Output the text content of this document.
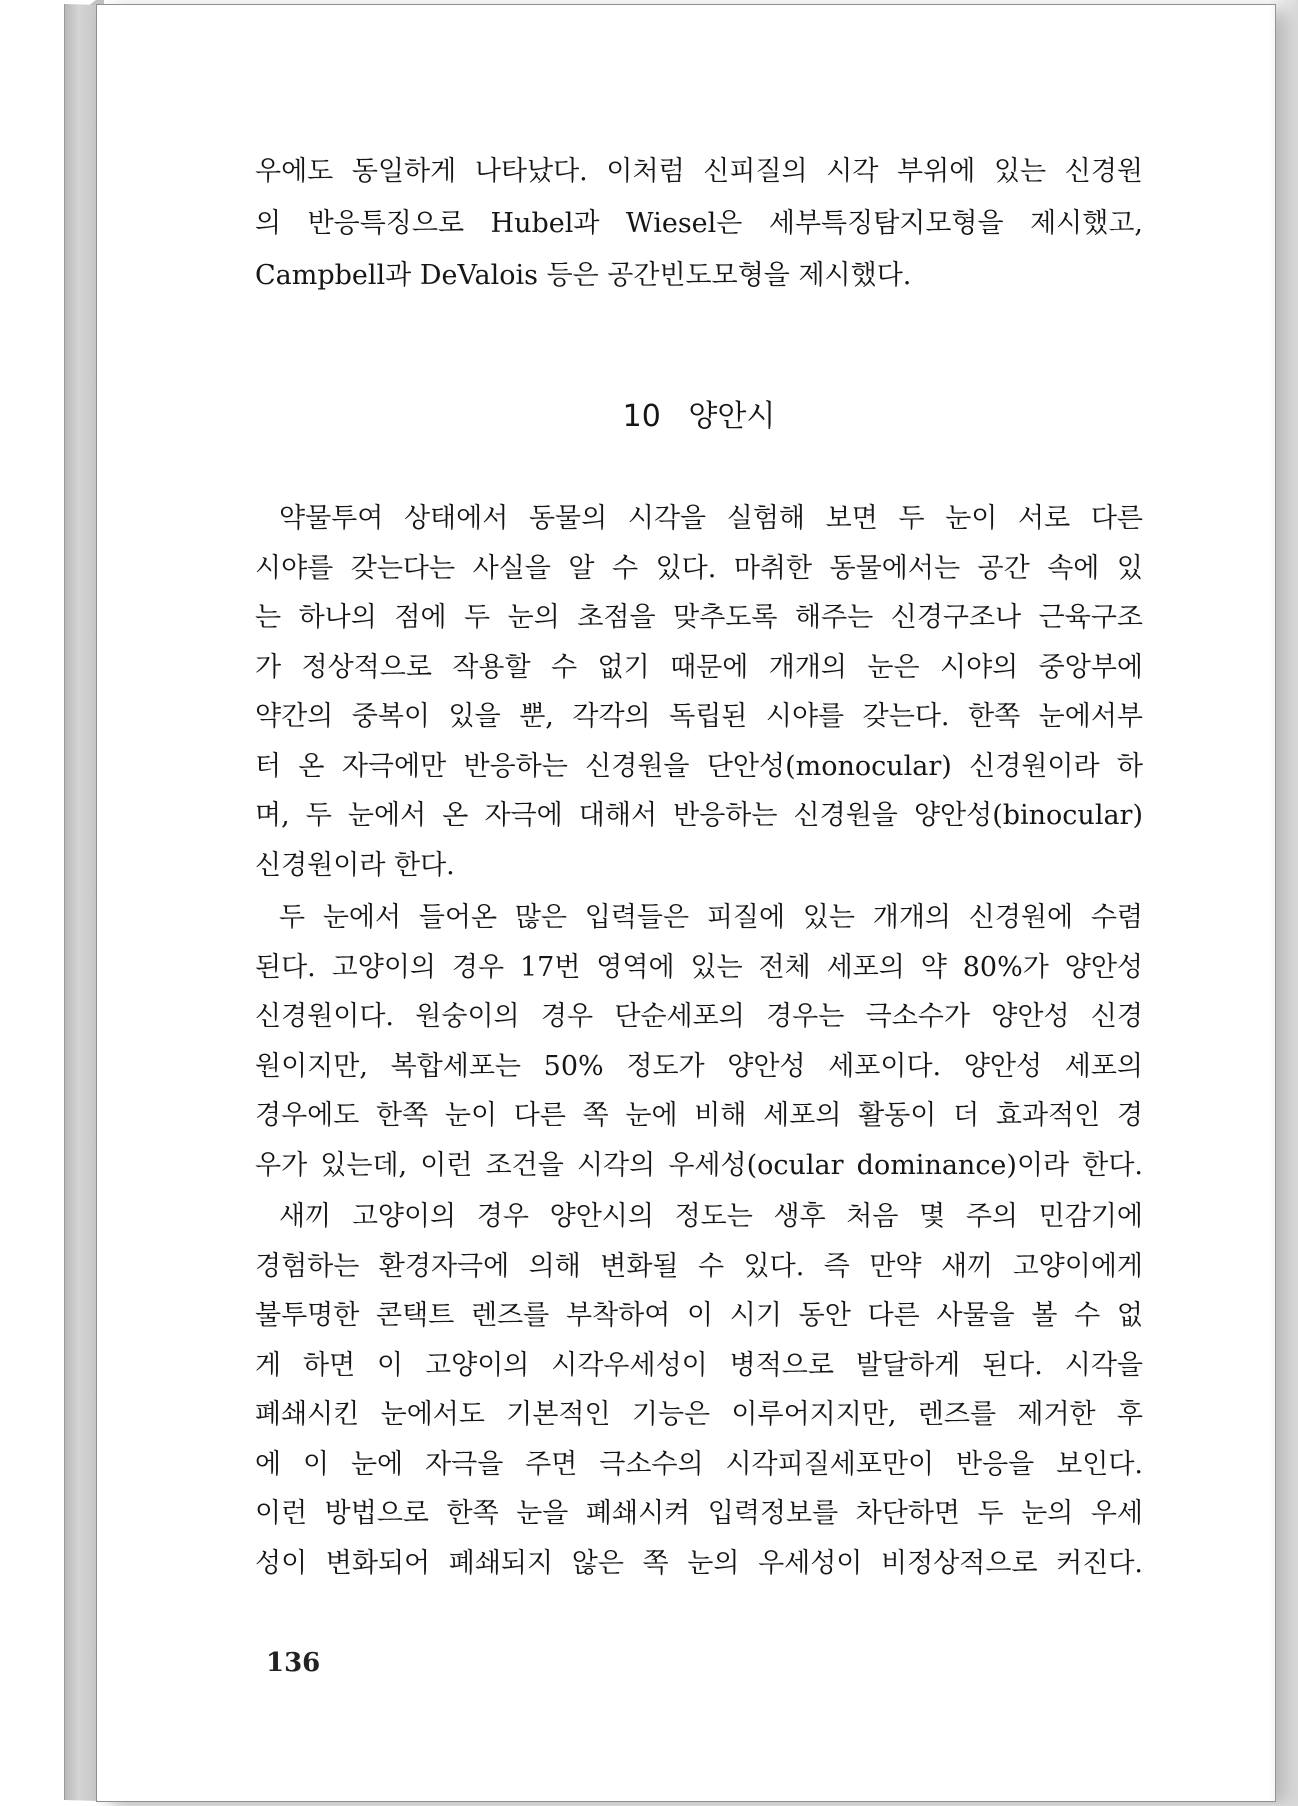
우에도 동일하게 나타났다. 이처럼 신피질의 시각 부위에 있는 신경원
의 반응특징으로 Hubel과 Wiesel은 세부특징탐지모형을 제시했고,
Campbell과 DeValois 등은 공간빈도모형을 제시했다.
10 양안시
약물투여 상태에서 동물의 시각을 실험해 보면 두 눈이 서로 다른
시야를 갖는다는 사실을 알 수 있다. 마취한 동물에서는 공간 속에 있
는 하나의 점에 두 눈의 초점을 맞추도록 해주는 신경구조나 근육구조
가 정상적으로 작용할 수 없기 때문에 개개의 눈은 시야의 중앙부에
약간의 중복이 있을 뿐, 각각의 독립된 시야를 갖는다. 한쪽 눈에서부
터 온 자극에만 반응하는 신경원을 단안성(monocular) 신경원이라 하
며, 두 눈에서 온 자극에 대해서 반응하는 신경원을 양안성(binocular)
신경원이라 한다.
두 눈에서 들어온 많은 입력들은 피질에 있는 개개의 신경원에 수렴
된다. 고양이의 경우 17번 영역에 있는 전체 세포의 약 80%가 양안성
신경원이다. 원숭이의 경우 단순세포의 경우는 극소수가 양안성 신경
원이지만, 복합세포는 50% 정도가 양안성 세포이다. 양안성 세포의
경우에도 한쪽 눈이 다른 쪽 눈에 비해 세포의 활동이 더 효과적인 경
우가 있는데, 이런 조건을 시각의 우세성(ocular dominance)이라 한다.
새끼 고양이의 경우 양안시의 정도는 생후 처음 몇 주의 민감기에
경험하는 환경자극에 의해 변화될 수 있다. 즉 만약 새끼 고양이에게
불투명한 콘택트 렌즈를 부착하여 이 시기 동안 다른 사물을 볼 수 없
게 하면 이 고양이의 시각우세성이 병적으로 발달하게 된다. 시각을
폐쇄시킨 눈에서도 기본적인 기능은 이루어지지만, 렌즈를 제거한 후
에 이 눈에 자극을 주면 극소수의 시각피질세포만이 반응을 보인다.
이런 방법으로 한쪽 눈을 폐쇄시켜 입력정보를 차단하면 두 눈의 우세
성이 변화되어 폐쇄되지 않은 쪽 눈의 우세성이 비정상적으로 커진다.
136
